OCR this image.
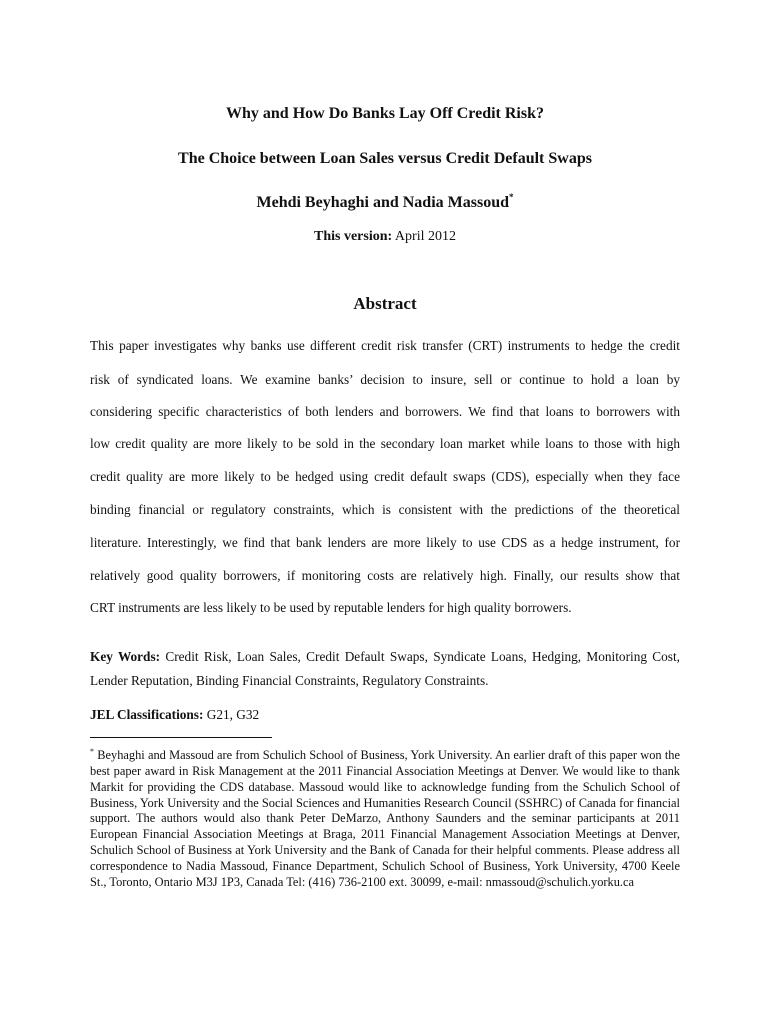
Why and How Do Banks Lay Off Credit Risk?
The Choice between Loan Sales versus Credit Default Swaps

Mehdi Beyhaghi and Nadia Massoud*

This version: April 2012

Abstract
This paper investigates why banks use different credit risk transfer (CRT) instruments to hedge the credit
risk of syndicated loans. We examine banks’ decision to insure, sell or continue to hold a loan by
considering specific characteristics of both lenders and borrowers. We find that loans to borrowers with
low credit quality are more likely to be sold in the secondary loan market while loans to those with high
credit quality are more likely to be hedged using credit default swaps (CDS), especially when they face
binding financial or regulatory constraints, which is consistent with the predictions of the theoretical
literature. Interestingly, we find that bank lenders are more likely to use CDS as a hedge instrument, for
relatively good quality borrowers, if monitoring costs are relatively high. Finally, our results show that
CRT instruments are less likely to be used by reputable lenders for high quality borrowers.

Key Words: Credit Risk, Loan Sales, Credit Default Swaps, Syndicate Loans, Hedging, Monitoring Cost, Lender Reputation, Binding Financial Constraints, Regulatory Constraints.

JEL Classifications: G21, G32

* Beyhaghi and Massoud are from Schulich School of Business, York University. An earlier draft of this paper won the best paper award in Risk Management at the 2011 Financial Association Meetings at Denver. We would like to thank Markit for providing the CDS database. Massoud would like to acknowledge funding from the Schulich School of Business, York University and the Social Sciences and Humanities Research Council (SSHRC) of Canada for financial support. The authors would also thank Peter DeMarzo, Anthony Saunders and the seminar participants at 2011 European Financial Association Meetings at Braga, 2011 Financial Management Association Meetings at Denver, Schulich School of Business at York University and the Bank of Canada for their helpful comments. Please address all correspondence to Nadia Massoud, Finance Department, Schulich School of Business, York University, 4700 Keele St., Toronto, Ontario M3J 1P3, Canada Tel: (416) 736-2100 ext. 30099, e-mail: nmassoud@schulich.yorku.ca
